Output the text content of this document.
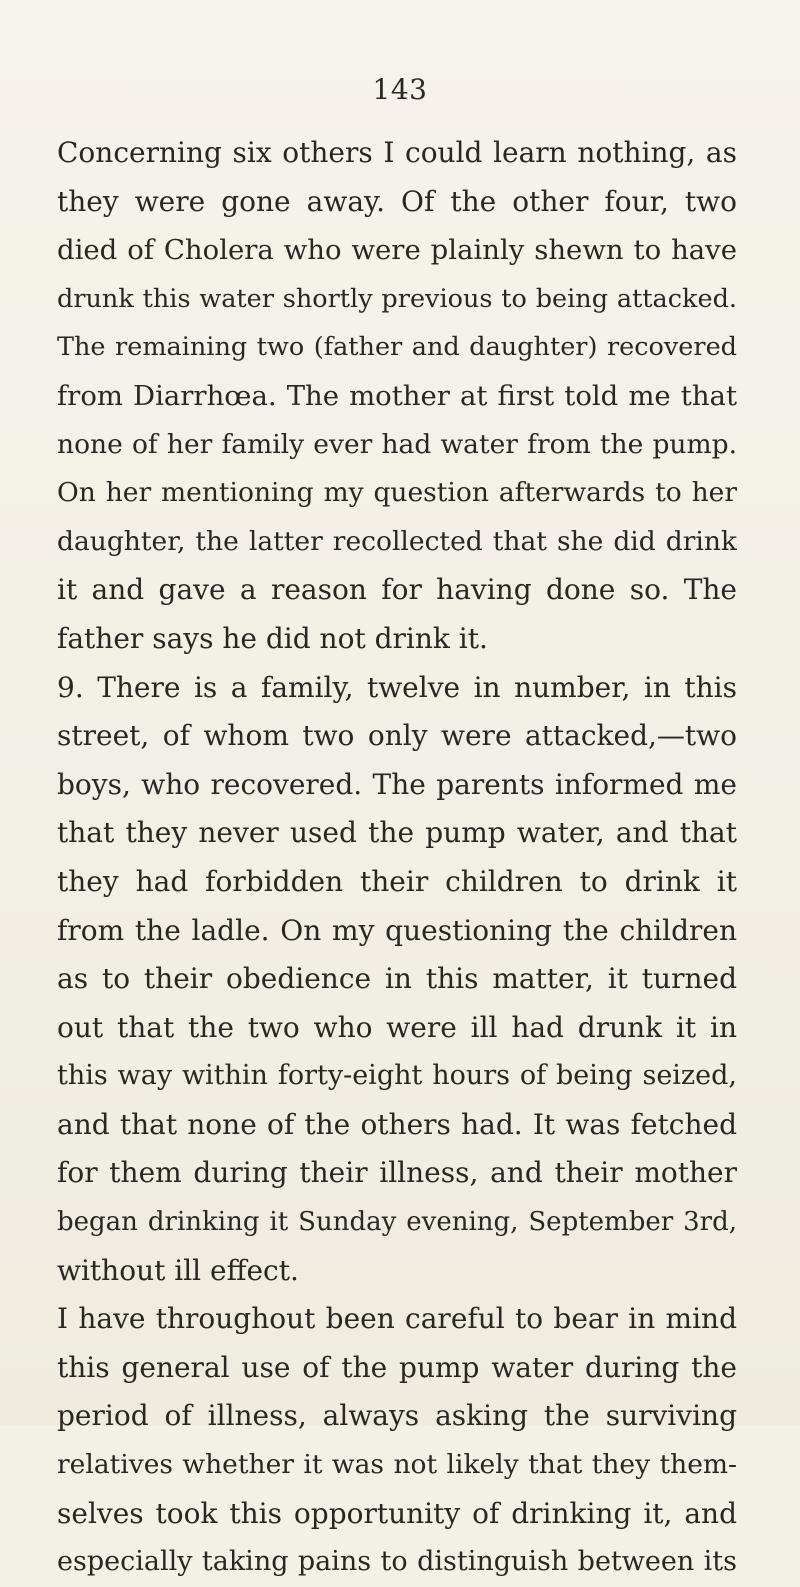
143
Concerning six others I could learn nothing, as
they were gone away. Of the other four, two
died of Cholera who were plainly shewn to have
drunk this water shortly previous to being attacked.
The remaining two (father and daughter) recovered
from Diarrhœa. The mother at first told me that
none of her family ever had water from the pump.
On her mentioning my question afterwards to her
daughter, the latter recollected that she did drink
it and gave a reason for having done so. The
father says he did not drink it.
9. There is a family, twelve in number, in this
street, of whom two only were attacked,—two
boys, who recovered. The parents informed me
that they never used the pump water, and that
they had forbidden their children to drink it
from the ladle. On my questioning the children
as to their obedience in this matter, it turned
out that the two who were ill had drunk it in
this way within forty-eight hours of being seized,
and that none of the others had. It was fetched
for them during their illness, and their mother
began drinking it Sunday evening, September 3rd,
without ill effect.
I have throughout been careful to bear in mind
this general use of the pump water during the
period of illness, always asking the surviving
relatives whether it was not likely that they them-
selves took this opportunity of drinking it, and
especially taking pains to distinguish between its
